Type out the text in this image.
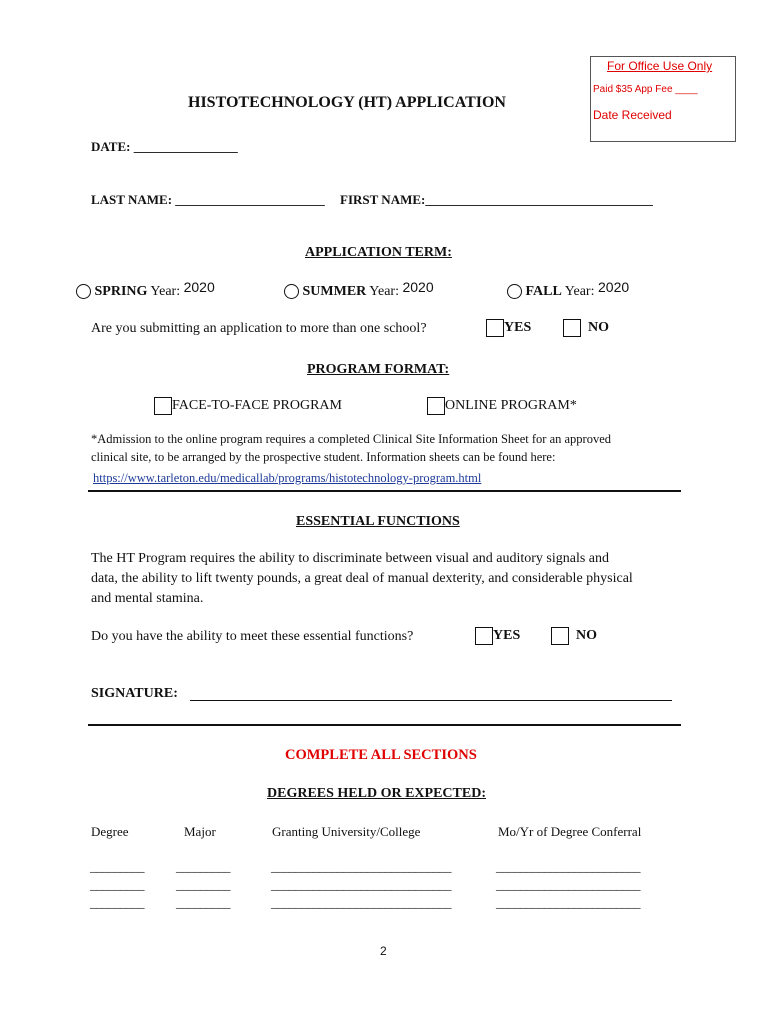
For Office Use Only
Paid $35 App Fee ____
Date Received
HISTOTECHNOLOGY (HT) APPLICATION
DATE: ________________
LAST NAME: _______________________ FIRST NAME:___________________________________
APPLICATION TERM:
SPRING Year: 2020	SUMMER Year: 2020	FALL Year: 2020
Are you submitting an application to more than one school?	YES	NO
PROGRAM FORMAT:
FACE-TO-FACE PROGRAM	ONLINE PROGRAM*
*Admission to the online program requires a completed Clinical Site Information Sheet for an approved
clinical site, to be arranged by the prospective student. Information sheets can be found here:
https://www.tarleton.edu/medicallab/programs/histotechnology-program.html
ESSENTIAL FUNCTIONS
The HT Program requires the ability to discriminate between visual and auditory signals and
data, the ability to lift twenty pounds, a great deal of manual dexterity, and considerable physical
and mental stamina.
Do you have the ability to meet these essential functions?	YES	NO
SIGNATURE:
COMPLETE ALL SECTIONS
DEGREES HELD OR EXPECTED:
Degree	Major	Granting University/College	Mo/Yr of Degree Conferral
_________ _________	______________________________	________________________
_________ _________	______________________________	________________________
_________ _________	______________________________	________________________
2
